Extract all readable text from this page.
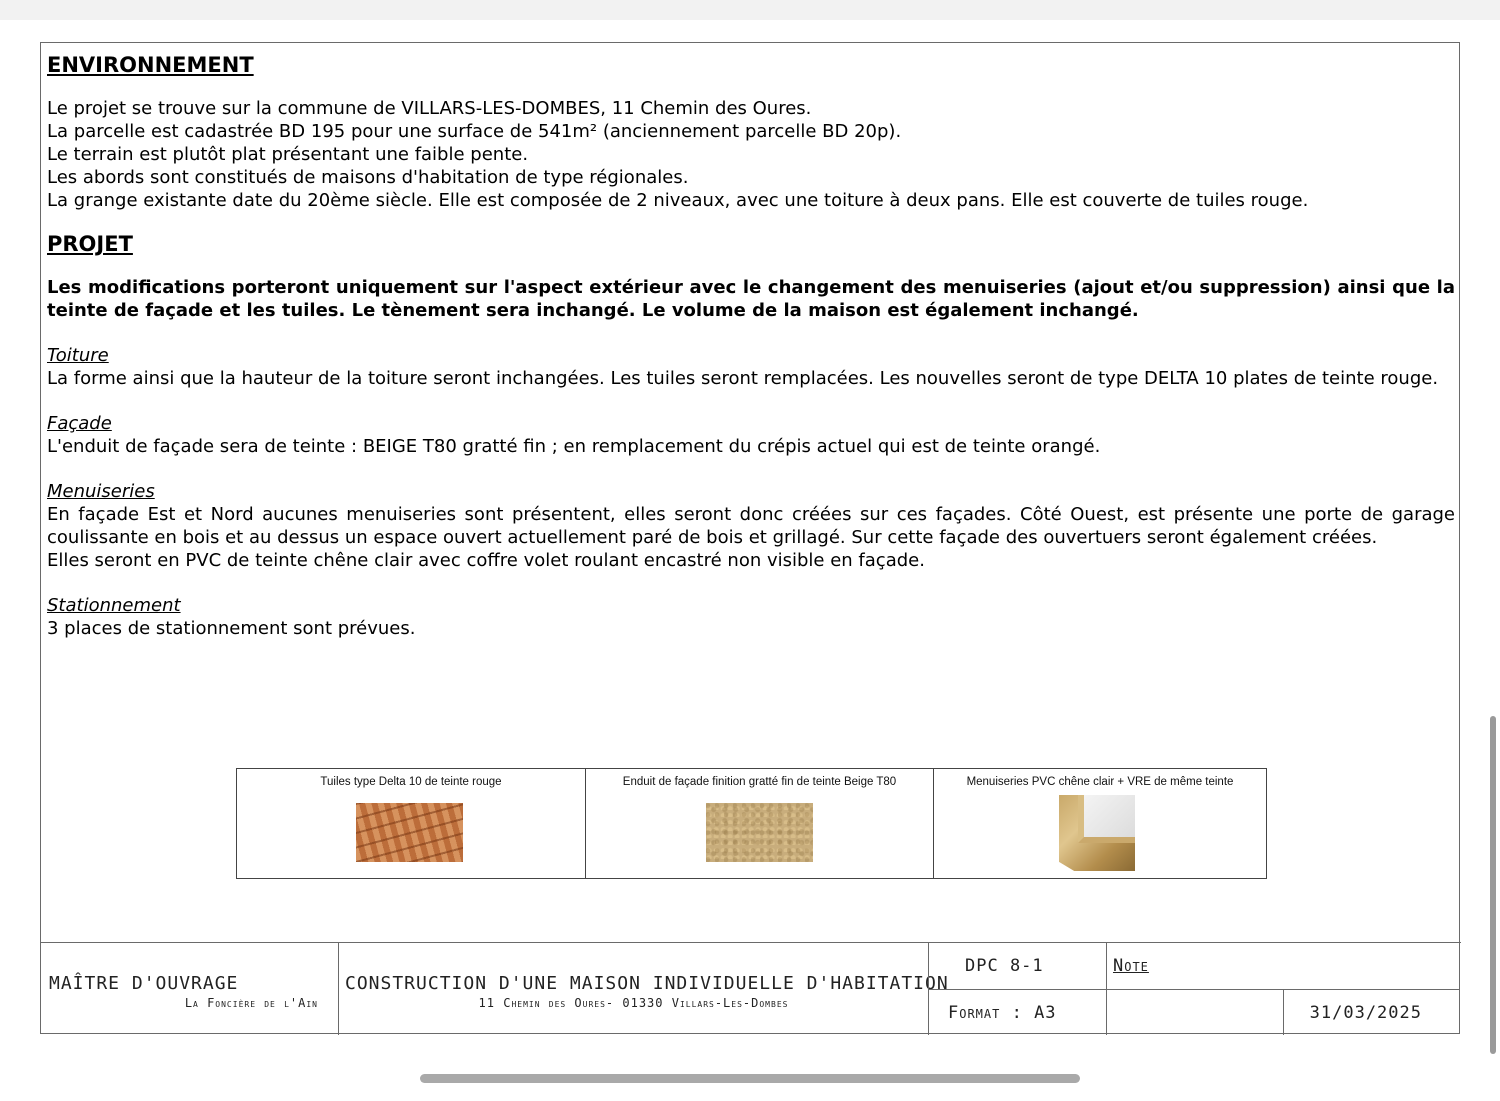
ENVIRONNEMENT

Le projet se trouve sur la commune de VILLARS-LES-DOMBES, 11 Chemin des Oures.

La parcelle est cadastrée BD 195 pour une surface de 541m² (anciennement parcelle BD 20p).

Le terrain est plutôt plat présentant une faible pente.

Les abords sont constitués de maisons d'habitation de type régionales.

La grange existante date du 20ème siècle. Elle est composée de 2 niveaux, avec une toiture à deux pans. Elle est couverte de tuiles rouge.

PROJET

Les modifications porteront uniquement sur l'aspect extérieur avec le changement des menuiseries (ajout et/ou suppression) ainsi que la teinte de façade et les tuiles. Le tènement sera inchangé. Le volume de la maison est également inchangé.

Toiture

La forme ainsi que la hauteur de la toiture seront inchangées. Les tuiles seront remplacées. Les nouvelles seront de type DELTA 10 plates de teinte rouge.

Façade

L'enduit de façade sera de teinte : BEIGE T80 gratté fin ; en remplacement du crépis actuel qui est de teinte orangé.

Menuiseries

En façade Est et Nord aucunes menuiseries sont présentent, elles seront donc créées sur ces façades. Côté Ouest, est présente une porte de garage coulissante en bois et au dessus un espace ouvert actuellement paré de bois et grillagé. Sur cette façade des ouvertuers seront également créées.

Elles seront en PVC de teinte chêne clair avec coffre volet roulant encastré non visible en façade.

Stationnement

3 places de stationnement sont prévues.

Tuiles type Delta 10 de teinte rouge	Enduit de façade finition gratté fin de teinte Beige T80	Menuiseries PVC chêne clair + VRE de même teinte
MAÎTRE D'OUVRAGE
La Foncière de l'Ain
CONSTRUCTION D'UNE MAISON INDIVIDUELLE D'HABITATION
11 Chemin des Oures- 01330 Villars-Les-Dombes
DPC 8-1	Note
Format : A3	31/03/2025
